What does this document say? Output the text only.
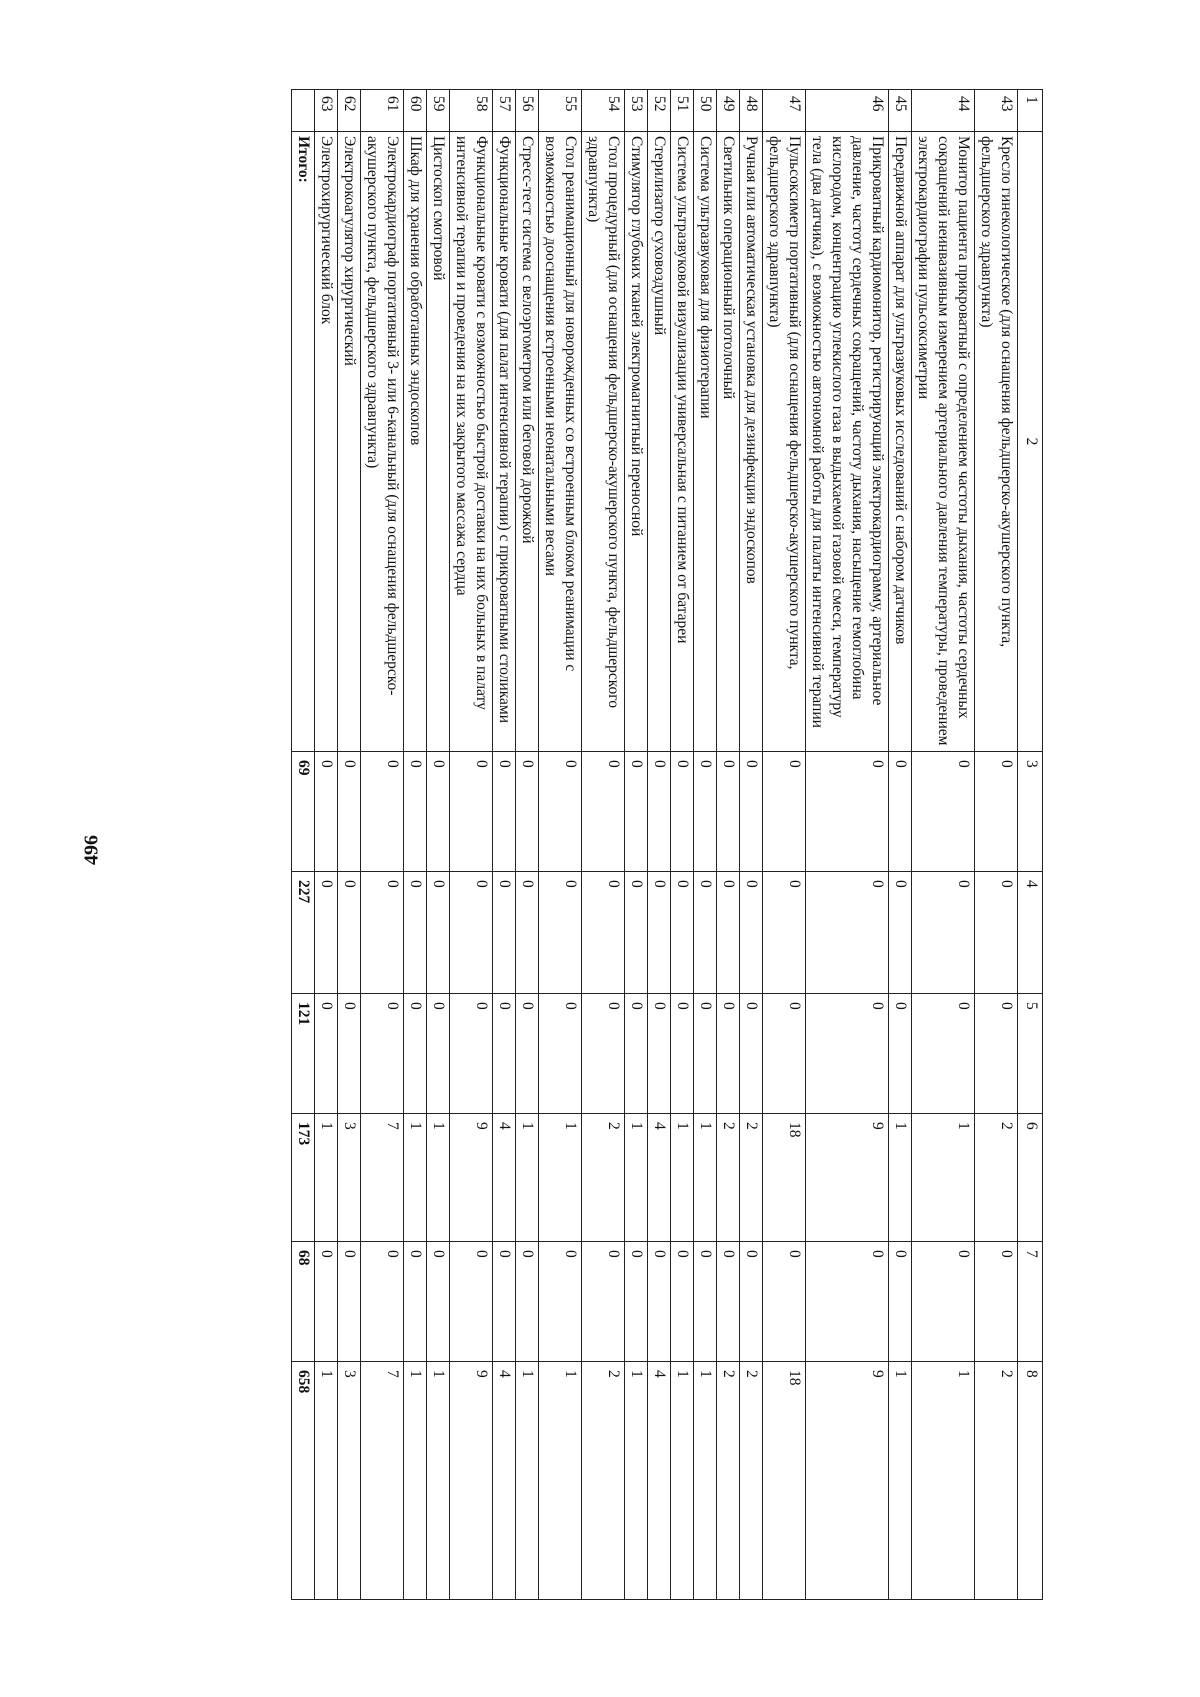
496
1	2	3	4	5	6	7	8
43	Кресло гинекологическое (для оснащения фельдшерско-акушерского пункта, фельдшерского здравпункта)	0	0	0	2	0	2
44	Монитор пациента прикроватный с определением частоты дыхания, частоты сердечных сокращений неинвазивным измерением артериального давления температуры, проведением электрокардиографии пульсоксиметрии	0	0	0	1	0	1
45	Передвижной аппарат для ультразвуковых исследований с набором датчиков	0	0	0	1	0	1
46	Прикроватный кардиомонитор, регистрирующий электрокардиограмму, артериальное давление, частоту сердечных сокращений, частоту дыхания, насыщение гемоглобина кислородом, концентрацию углекислого газа в выдыхаемой газовой смеси, температуру тела (два датчика), с возможностью автономной работы для палаты интенсивной терапии	0	0	0	9	0	9
47	Пульсоксиметр портативный (для оснащения фельдшерско-акушерского пункта, фельдшерского здравпункта)	0	0	0	18	0	18
48	Ручная или автоматическая установка для дезинфекции эндоскопов	0	0	0	2	0	2
49	Светильник операционный потолочный	0	0	0	2	0	2
50	Система ультразвуковая для физиотерапии	0	0	0	1	0	1
51	Система ультразвуковой визуализации универсальная с питанием от батареи	0	0	0	1	0	1
52	Стерилизатор суховоздушный	0	0	0	4	0	4
53	Стимулятор глубоких тканей электромагнитный переносной	0	0	0	1	0	1
54	Стол процедурный (для оснащения фельдшерско-акушерского пункта, фельдшерского здравпункта)	0	0	0	2	0	2
55	Стол реанимационный для новорожденных со встроенным блоком реанимации с возможностью дооснащения встроенными неонатальными весами	0	0	0	1	0	1
56	Стресс-тест система с велоэргометром или беговой дорожкой	0	0	0	1	0	1
57	Функциональные кровати (для палат интенсивной терапии) с прикроватными столиками	0	0	0	4	0	4
58	Функциональные кровати с возможностью быстрой доставки на них больных в палату интенсивной терапии и проведения на них закрытого массажа сердца	0	0	0	9	0	9
59	Цистоскоп смотровой	0	0	0	1	0	1
60	Шкаф для хранения обработанных эндоскопов	0	0	0	1	0	1
61	Электрокардиограф портативный 3- или 6-канальный (для оснащения фельдшерско-акушерского пункта, фельдшерского здравпункта)	0	0	0	7	0	7
62	Электрокоагулятор хирургический	0	0	0	3	0	3
63	Электрохирургический блок	0	0	0	1	0	1
	Итого:	69	227	121	173	68	658
